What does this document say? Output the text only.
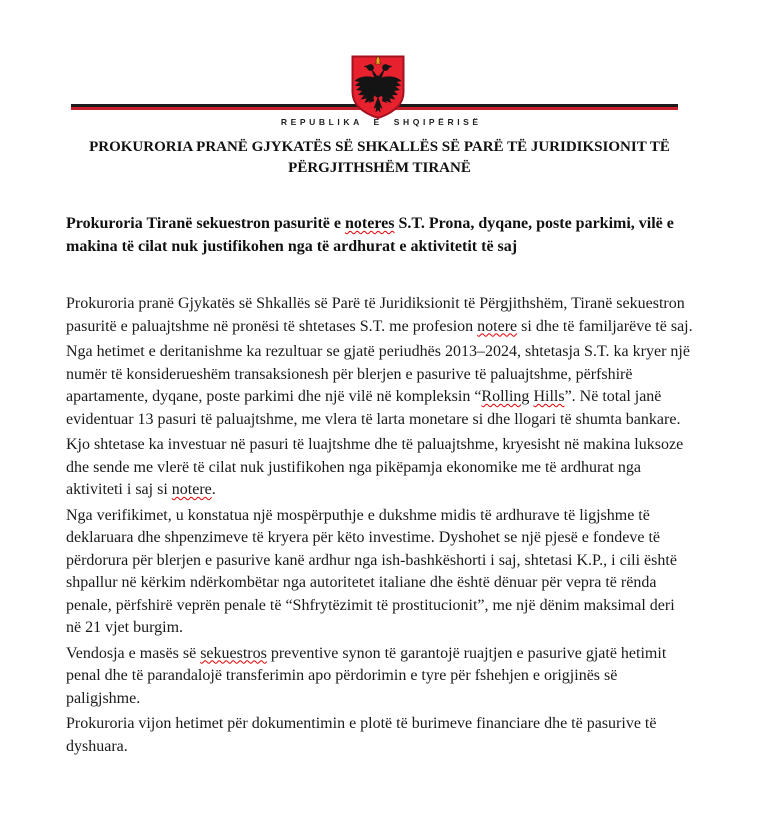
REPUBLIKA E SHQIPËRISË
PROKURORIA PRANË GJYKATËS SË SHKALLËS SË PARË TË JURIDIKSIONIT TË
PËRGJITHSHËM TIRANË
Prokuroria Tiranë sekuestron pasuritë e noteres S.T. Prona, dyqane, poste parkimi, vilë e makina të cilat nuk justifikohen nga të ardhurat e aktivitetit të saj

Prokuroria pranë Gjykatës së Shkallës së Parë të Juridiksionit të Përgjithshëm, Tiranë sekuestron pasuritë e paluajtshme në pronësi të shtetases S.T. me profesion notere si dhe të familjarëve të saj.

Nga hetimet e deritanishme ka rezultuar se gjatë periudhës 2013–2024, shtetasja S.T. ka kryer një numër të konsiderueshëm transaksionesh për blerjen e pasurive të paluajtshme, përfshirë apartamente, dyqane, poste parkimi dhe një vilë në kompleksin “Rolling Hills”. Në total janë evidentuar 13 pasuri të paluajtshme, me vlera të larta monetare si dhe llogari të shumta bankare.

Kjo shtetase ka investuar në pasuri të luajtshme dhe të paluajtshme, kryesisht në makina luksoze dhe sende me vlerë të cilat nuk justifikohen nga pikëpamja ekonomike me të ardhurat nga aktiviteti i saj si notere.

Nga verifikimet, u konstatua një mospërputhje e dukshme midis të ardhurave të ligjshme të deklaruara dhe shpenzimeve të kryera për këto investime. Dyshohet se një pjesë e fondeve të përdorura për blerjen e pasurive kanë ardhur nga ish-bashkëshorti i saj, shtetasi K.P., i cili është shpallur në kërkim ndërkombëtar nga autoritetet italiane dhe është dënuar për vepra të rënda penale, përfshirë veprën penale të “Shfrytëzimit të prostitucionit”, me një dënim maksimal deri në 21 vjet burgim.

Vendosja e masës së sekuestros preventive synon të garantojë ruajtjen e pasurive gjatë hetimit penal dhe të parandalojë transferimin apo përdorimin e tyre për fshehjen e origjinës së paligjshme.

Prokuroria vijon hetimet për dokumentimin e plotë të burimeve financiare dhe të pasurive të dyshuara.
